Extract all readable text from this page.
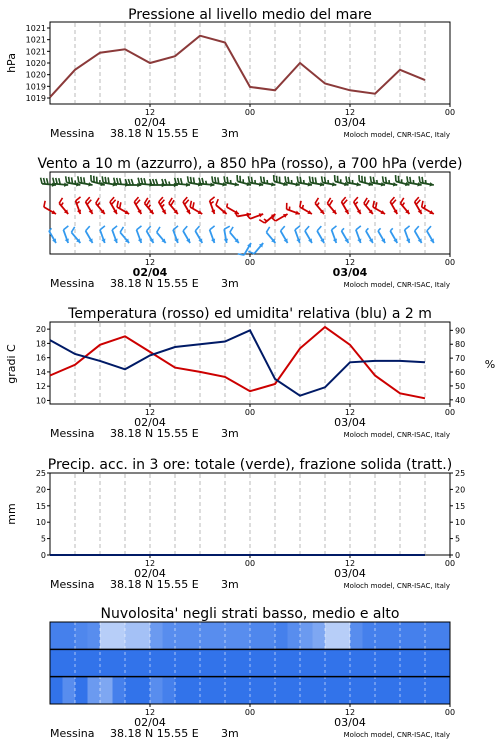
Pressione al livello medio del mare
hPa
12	00	12	00
02/04	03/04
Messina 38.18 N 15.55 E 3m	Moloch model, CNR-ISAC, Italy
1019
1019
1020
1020
1021
1021
1021
Vento a 10 m (azzurro), a 850 hPa (rosso), a 700 hPa (verde)
12	00	12	00
02/04	03/04
Messina 38.18 N 15.55 E 3m	Moloch model, CNR-ISAC, Italy
Temperatura (rosso) ed umidita' relativa (blu) a 2 m
gradi C	%
12	00	12	00
02/04	03/04
Messina 38.18 N 15.55 E 3m	Moloch model, CNR-ISAC, Italy
10
12
14
16
18
20
40
50
60
70
80
90
Precip. acc. in 3 ore: totale (verde), frazione solida (tratt.)
mm
12	00	12	00
02/04	03/04
Messina 38.18 N 15.55 E 3m	Moloch model, CNR-ISAC, Italy
0
5
10
15
20
25
0
5
10
15
20
25
Nuvolosita' negli strati basso, medio e alto
12	00	12	00
02/04	03/04
Messina 38.18 N 15.55 E 3m	Moloch model, CNR-ISAC, Italy
